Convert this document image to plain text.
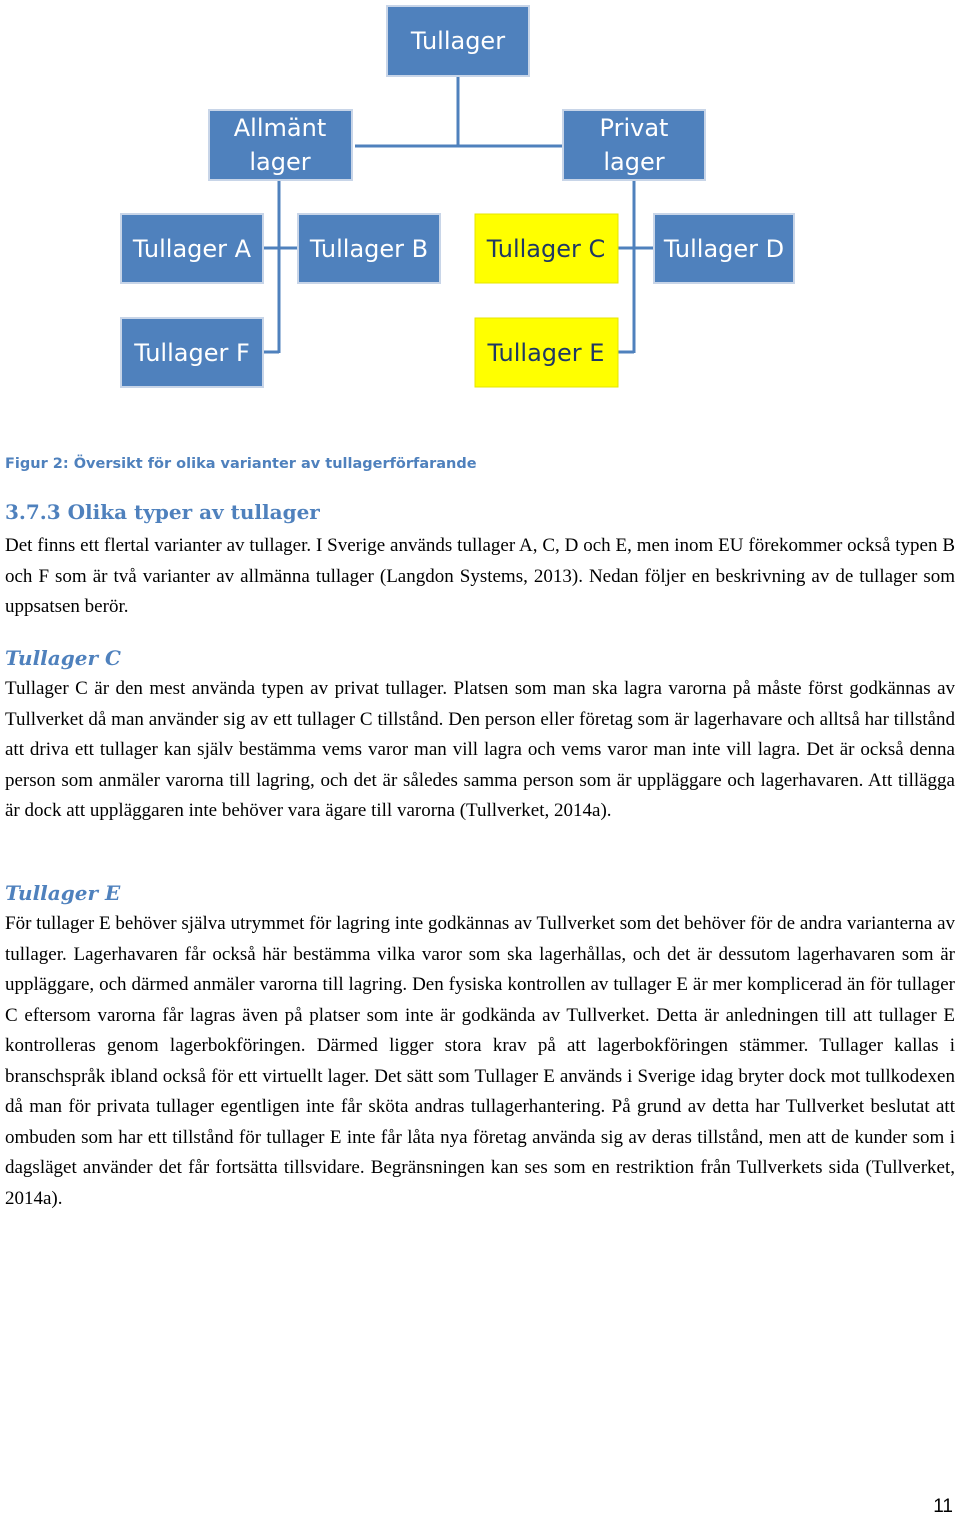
Tullager
Allmänt
lager
Privat
lager
Tullager A Tullager B Tullager C Tullager D
Tullager F	Tullager E

Figur 2: Översikt för olika varianter av tullagerförfarande

3.7.3 Olika typer av tullager

Det finns ett flertal varianter av tullager. I Sverige används tullager A, C, D och E, men inom EU förekommer också typen B och F som är två varianter av allmänna tullager (Langdon Systems, 2013). Nedan följer en beskrivning av de tullager som uppsatsen berör.

Tullager C

Tullager C är den mest använda typen av privat tullager. Platsen som man ska lagra varorna på måste först godkännas av Tullverket då man använder sig av ett tullager C tillstånd. Den person eller företag som är lagerhavare och alltså har tillstånd att driva ett tullager kan själv bestämma vems varor man vill lagra och vems varor man inte vill lagra. Det är också denna person som anmäler varorna till lagring, och det är således samma person som är uppläggare och lagerhavaren. Att tillägga är dock att uppläggaren inte behöver vara ägare till varorna (Tullverket, 2014a).

Tullager E

För tullager E behöver själva utrymmet för lagring inte godkännas av Tullverket som det behöver för de andra varianterna av tullager. Lagerhavaren får också här bestämma vilka varor som ska lagerhållas, och det är dessutom lagerhavaren som är uppläggare, och därmed anmäler varorna till lagring. Den fysiska kontrollen av tullager E är mer komplicerad än för tullager C eftersom varorna får lagras även på platser som inte är godkända av Tullverket. Detta är anledningen till att tullager E kontrolleras genom lagerbokföringen. Därmed ligger stora krav på att lagerbokföringen stämmer. Tullager kallas i branschspråk ibland också för ett virtuellt lager. Det sätt som Tullager E används i Sverige idag bryter dock mot tullkodexen då man för privata tullager egentligen inte får sköta andras tullagerhantering. På grund av detta har Tullverket beslutat att ombuden som har ett tillstånd för tullager E inte får låta nya företag använda sig av deras tillstånd, men att de kunder som i dagsläget använder det får fortsätta tillsvidare. Begränsningen kan ses som en restriktion från Tullverkets sida (Tullverket, 2014a).

11
